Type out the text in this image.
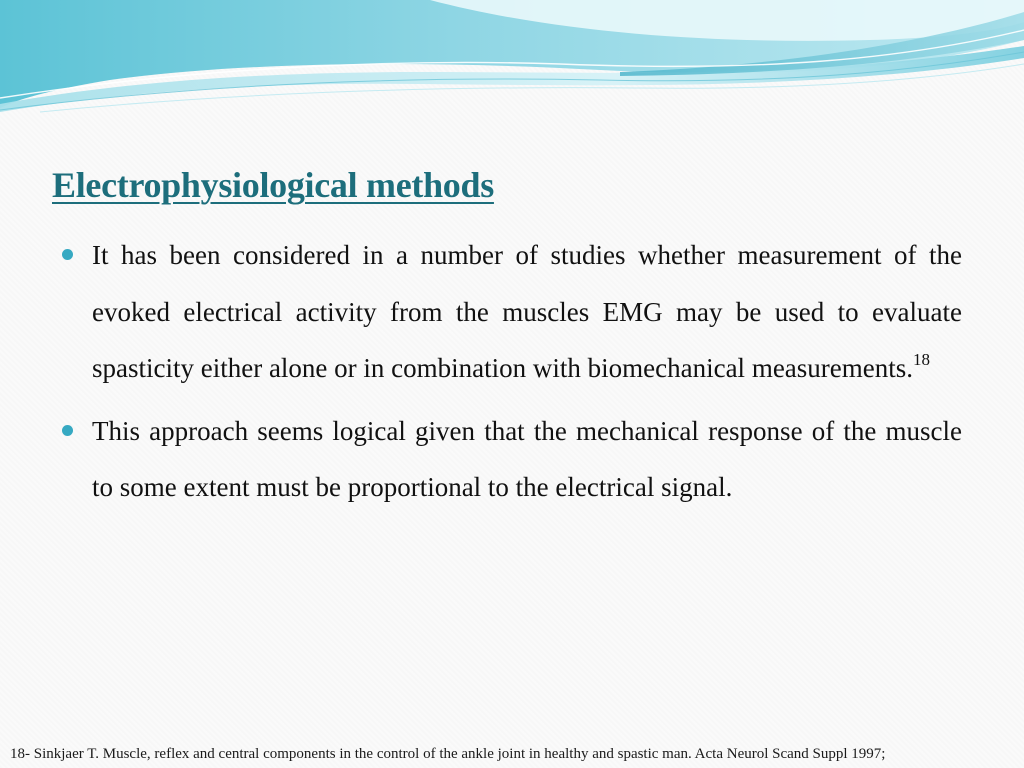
Electrophysiological methods
It has been considered in a number of studies whether measurement of the evoked electrical activity from the muscles EMG may be used to evaluate spasticity either alone or in combination with biomechanical measurements.$^{18}$
This approach seems logical given that the mechanical response of the muscle to some extent must be proportional to the electrical signal.

18- Sinkjaer T. Muscle, reflex and central components in the control of the ankle joint in healthy and spastic man. Acta Neurol Scand Suppl 1997;
